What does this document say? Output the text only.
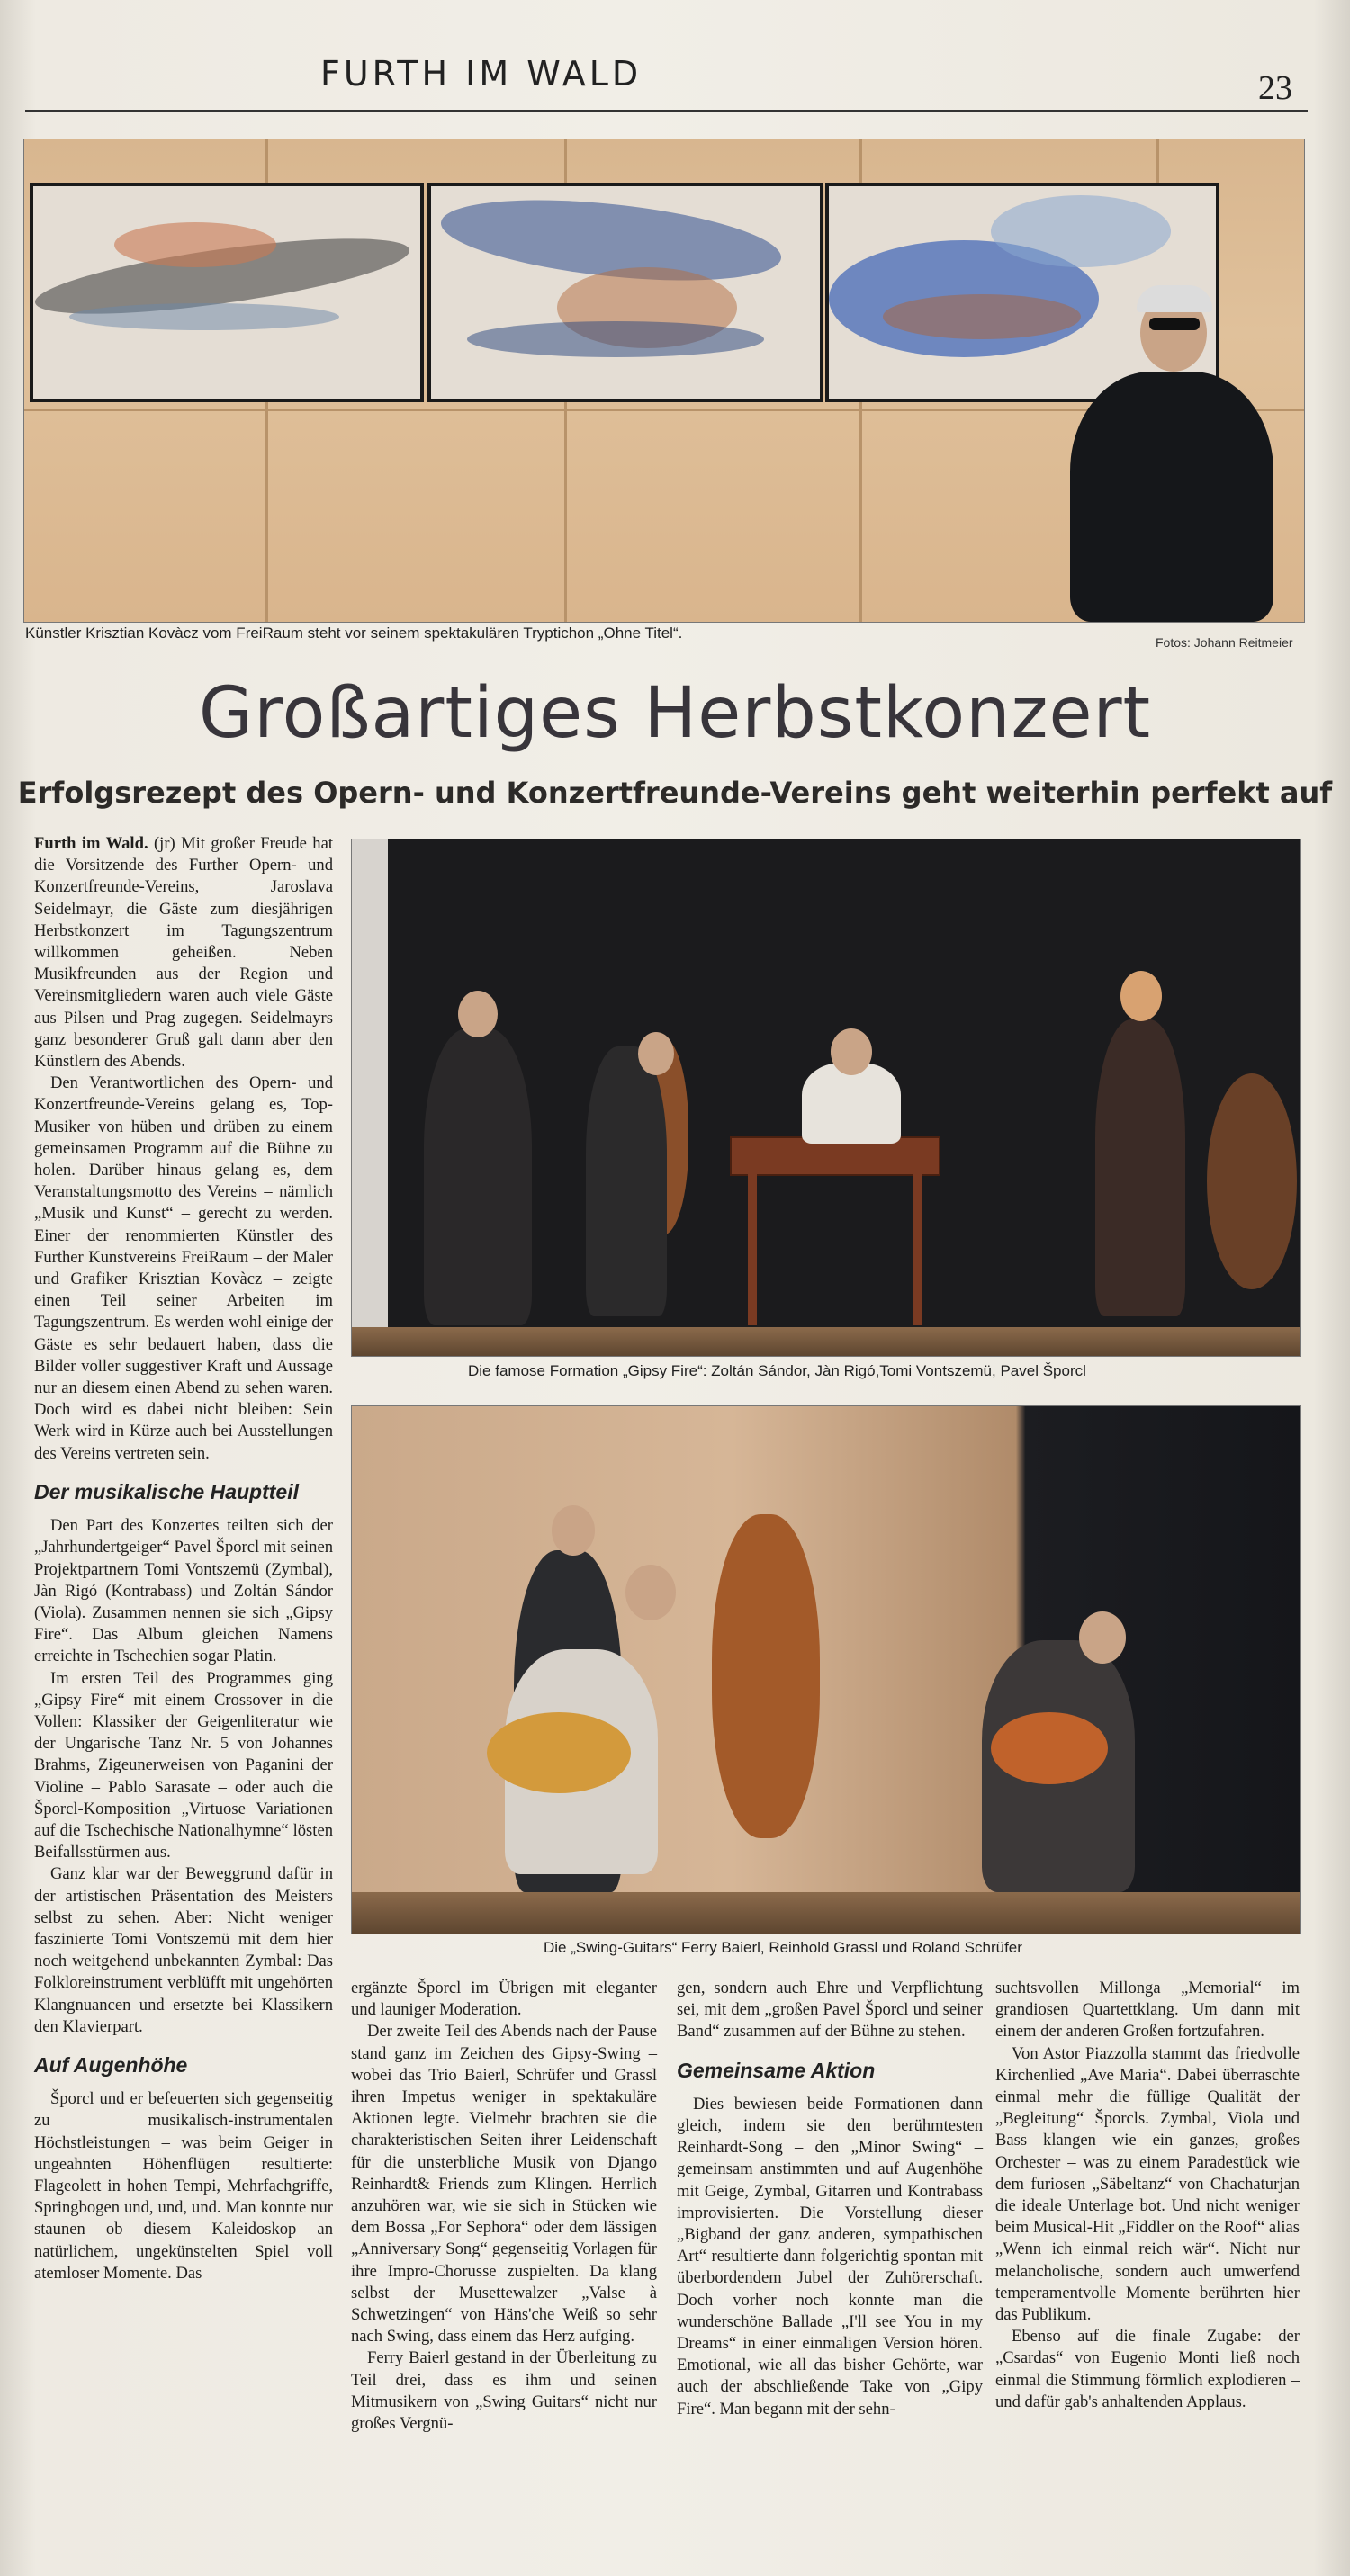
FURTH IM WALD	23
Künstler Krisztian Kovàcz vom FreiRaum steht vor seinem spektakulären Tryptichon „Ohne Titel“.
Fotos: Johann Reitmeier
Großartiges Herbstkonzert
Erfolgsrezept des Opern- und Konzertfreunde-Vereins geht weiterhin perfekt auf
Die famose Formation „Gipsy Fire“: Zoltán Sándor, Jàn Rigó,Tomi Vontszemü, Pavel Šporcl
Die „Swing-Guitars“ Ferry Baierl, Reinhold Grassl und Roland Schrüfer

Furth im Wald. (jr) Mit großer Freude hat die Vorsitzende des Further Opern- und Konzertfreunde-Vereins, Jaroslava Seidelmayr, die Gäste zum diesjährigen Herbstkonzert im Tagungszentrum willkommen geheißen. Neben Musikfreunden aus der Region und Vereinsmitgliedern waren auch viele Gäste aus Pilsen und Prag zugegen. Seidelmayrs ganz besonderer Gruß galt dann aber den Künstlern des Abends.

Den Verantwortlichen des Opern- und Konzertfreunde-Vereins gelang es, Top-Musiker von hüben und drüben zu einem gemeinsamen Programm auf die Bühne zu holen. Darüber hinaus gelang es, dem Veranstaltungsmotto des Vereins – nämlich „Musik und Kunst“ – gerecht zu werden. Einer der renommierten Künstler des Further Kunstvereins FreiRaum – der Maler und Grafiker Krisztian Kovàcz – zeigte einen Teil seiner Arbeiten im Tagungszentrum. Es werden wohl einige der Gäste es sehr bedauert haben, dass die Bilder voller suggestiver Kraft und Aussage nur an diesem einen Abend zu sehen waren. Doch wird es dabei nicht bleiben: Sein Werk wird in Kürze auch bei Ausstellungen des Vereins vertreten sein.

Der musikalische Hauptteil

Den Part des Konzertes teilten sich der „Jahrhundertgeiger“ Pavel Šporcl mit seinen Projektpartnern Tomi Vontszemü (Zymbal), Jàn Rigó (Kontrabass) und Zoltán Sándor (Viola). Zusammen nennen sie sich „Gipsy Fire“. Das Album gleichen Namens erreichte in Tschechien sogar Platin.

Im ersten Teil des Programmes ging „Gipsy Fire“ mit einem Crossover in die Vollen: Klassiker der Geigenliteratur wie der Ungarische Tanz Nr. 5 von Johannes Brahms, Zigeunerweisen von Paganini der Violine – Pablo Sarasate – oder auch die Šporcl-Komposition „Virtuose Variationen auf die Tschechische Nationalhymne“ lösten Beifallsstürmen aus.

Ganz klar war der Beweggrund dafür in der artistischen Präsentation des Meisters selbst zu sehen. Aber: Nicht weniger faszinierte Tomi Vontszemü mit dem hier noch weitgehend unbekannten Zymbal: Das Folkloreinstrument verblüfft mit ungehörten Klangnuancen und ersetzte bei Klassikern den Klavierpart.

Auf Augenhöhe

Šporcl und er befeuerten sich gegenseitig zu musikalisch-instrumentalen Höchstleistungen – was beim Geiger in ungeahnten Höhenflügen resultierte: Flageolett in hohen Tempi, Mehrfachgriffe, Springbogen und, und, und. Man konnte nur staunen ob diesem Kaleidoskop an natürlichem, ungekünstelten Spiel voll atemloser Momente. Das

ergänzte Šporcl im Übrigen mit eleganter und launiger Moderation.

Der zweite Teil des Abends nach der Pause stand ganz im Zeichen des Gipsy-Swing – wobei das Trio Baierl, Schrüfer und Grassl ihren Impetus weniger in spektakuläre Aktionen legte. Vielmehr brachten sie die charakteristischen Seiten ihrer Leidenschaft für die unsterbliche Musik von Django Reinhardt& Friends zum Klingen. Herrlich anzuhören war, wie sie sich in Stücken wie dem Bossa „For Sephora“ oder dem lässigen „Anniversary Song“ gegenseitig Vorlagen für ihre Impro-Chorusse zuspielten. Da klang selbst der Musettewalzer „Valse à Schwetzingen“ von Häns'che Weiß so sehr nach Swing, dass einem das Herz aufging.

Ferry Baierl gestand in der Überleitung zu Teil drei, dass es ihm und seinen Mitmusikern von „Swing Guitars“ nicht nur großes Vergnü-

gen, sondern auch Ehre und Verpflichtung sei, mit dem „großen Pavel Šporcl und seiner Band“ zusammen auf der Bühne zu stehen.

Gemeinsame Aktion

Dies bewiesen beide Formationen dann gleich, indem sie den berühmtesten Reinhardt-Song – den „Minor Swing“ – gemeinsam anstimmten und auf Augenhöhe mit Geige, Zymbal, Gitarren und Kontrabass improvisierten. Die Vorstellung dieser „Bigband der ganz anderen, sympathischen Art“ resultierte dann folgerichtig spontan mit überbordendem Jubel der Zuhörerschaft. Doch vorher noch konnte man die wunderschöne Ballade „I'll see You in my Dreams“ in einer einmaligen Version hören. Emotional, wie all das bisher Gehörte, war auch der abschließende Take von „Gipy Fire“. Man begann mit der sehn-

suchtsvollen Millonga „Memorial“ im grandiosen Quartettklang. Um dann mit einem der anderen Großen fortzufahren.

Von Astor Piazzolla stammt das friedvolle Kirchenlied „Ave Maria“. Dabei überraschte einmal mehr die füllige Qualität der „Begleitung“ Šporcls. Zymbal, Viola und Bass klangen wie ein ganzes, großes Orchester – was zu einem Paradestück wie dem furiosen „Säbeltanz“ von Chachaturjan die ideale Unterlage bot. Und nicht weniger beim Musical-Hit „Fiddler on the Roof“ alias „Wenn ich einmal reich wär“. Nicht nur melancholische, sondern auch umwerfend temperamentvolle Momente berührten hier das Publikum.

Ebenso auf die finale Zugabe: der „Csardas“ von Eugenio Monti ließ noch einmal die Stimmung förmlich explodieren – und dafür gab's anhaltenden Applaus.
